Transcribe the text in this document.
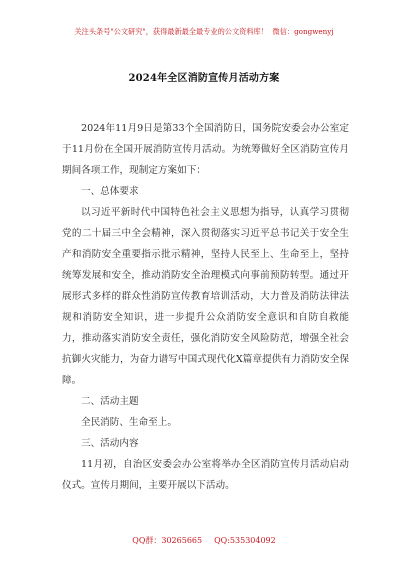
关注头条号"公文研究"，获得最新最全最专业的公文资料库！ 微信：gongwenyj
2024年全区消防宣传月活动方案

2024年11月9日是第33个全国消防日，国务院安委会办公室定于11月份在全国开展消防宣传月活动。为统筹做好全区消防宣传月期间各项工作，现制定方案如下：

一、总体要求

以习近平新时代中国特色社会主义思想为指导，认真学习贯彻党的二十届三中全会精神，深入贯彻落实习近平总书记关于安全生产和消防安全重要指示批示精神，坚持人民至上、生命至上，坚持统筹发展和安全，推动消防安全治理模式向事前预防转型。通过开展形式多样的群众性消防宣传教育培训活动，大力普及消防法律法规和消防安全知识，进一步提升公众消防安全意识和自防自救能力，推动落实消防安全责任，强化消防安全风险防范，增强全社会抗御火灾能力，为奋力谱写中国式现代化X篇章提供有力消防安全保障。

二、活动主题

全民消防、生命至上。

三、活动内容

11月初，自治区安委会办公室将举办全区消防宣传月活动启动仪式。宣传月期间，主要开展以下活动。

QQ群：30265665 QQ:535304092
